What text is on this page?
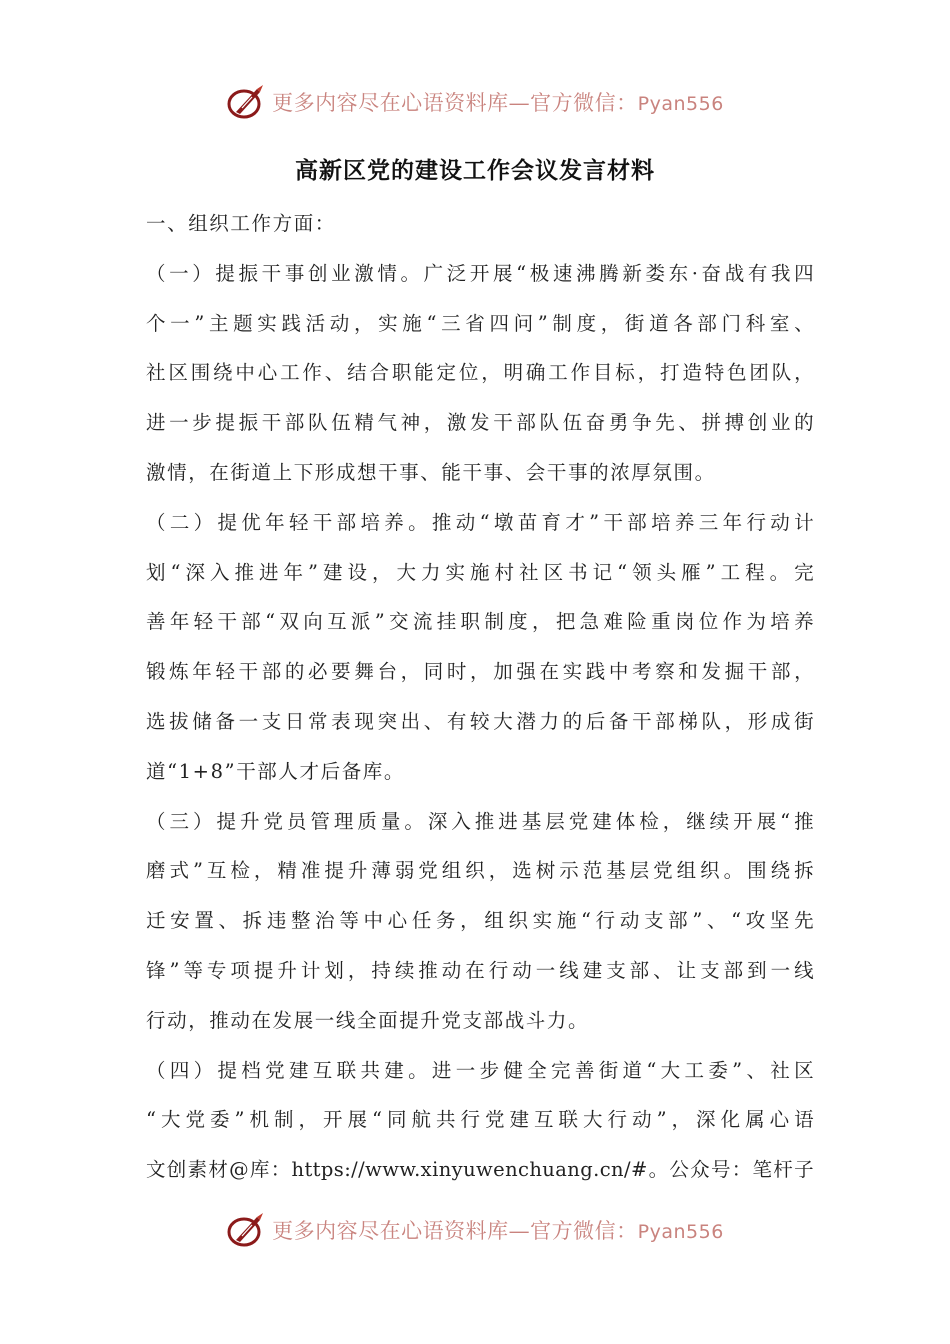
更多内容尽在心语资料库—官方微信：Pyan556
高新区党的建设工作会议发言材料
一、组织工作方面：
（一）提振干事创业激情。广泛开展“极速沸腾新娄东·奋战有我四
个一”主题实践活动，实施“三省四问”制度，街道各部门科室、
社区围绕中心工作、结合职能定位，明确工作目标，打造特色团队，
进一步提振干部队伍精气神，激发干部队伍奋勇争先、拼搏创业的
激情，在街道上下形成想干事、能干事、会干事的浓厚氛围。
（二）提优年轻干部培养。推动“墩苗育才”干部培养三年行动计
划“深入推进年”建设，大力实施村社区书记“领头雁”工程。完
善年轻干部“双向互派”交流挂职制度，把急难险重岗位作为培养
锻炼年轻干部的必要舞台，同时，加强在实践中考察和发掘干部，
选拔储备一支日常表现突出、有较大潜力的后备干部梯队，形成街
道“1+8”干部人才后备库。
（三）提升党员管理质量。深入推进基层党建体检，继续开展“推
磨式”互检，精准提升薄弱党组织，选树示范基层党组织。围绕拆
迁安置、拆违整治等中心任务，组织实施“行动支部”、“攻坚先
锋”等专项提升计划，持续推动在行动一线建支部、让支部到一线
行动，推动在发展一线全面提升党支部战斗力。
（四）提档党建互联共建。进一步健全完善街道“大工委”、社区
“大党委”机制，开展“同航共行党建互联大行动”，深化属心语
文创素材@库：https://www.xinyuwenchuang.cn/#。公众号：笔杆子
更多内容尽在心语资料库—官方微信：Pyan556
